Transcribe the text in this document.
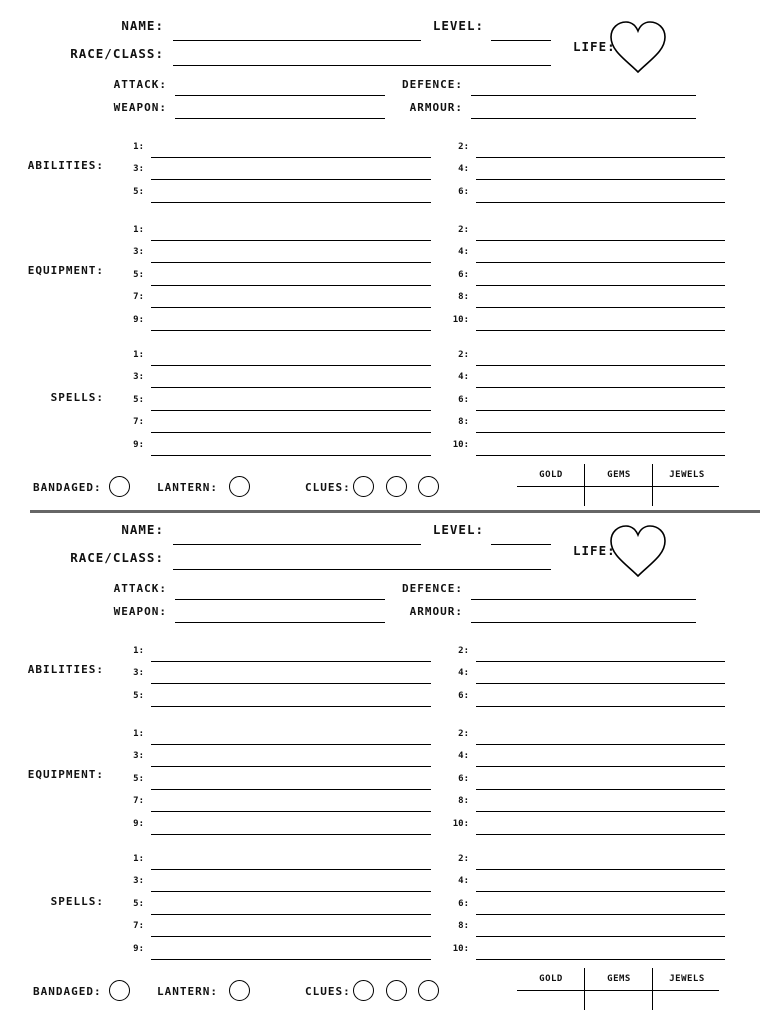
NAME:	LEVEL:
RACE/CLASS:	LIFE:
ATTACK:	DEFENCE:
WEAPON:	ARMOUR:
ABILITIES:
1:	2:
3:	4:
5:	6:
EQUIPMENT:
1:	2:
3:	4:
5:	6:
7:	8:
9:	10:
SPELLS:
1:	2:
3:	4:
5:	6:
7:	8:
9:	10:
BANDAGED:	LANTERN:	CLUES:
GOLD	GEMS	JEWELS
NAME:	LEVEL:
RACE/CLASS:	LIFE:
ATTACK:	DEFENCE:
WEAPON:	ARMOUR:
ABILITIES:
1:	2:
3:	4:
5:	6:
EQUIPMENT:
1:	2:
3:	4:
5:	6:
7:	8:
9:	10:
SPELLS:
1:	2:
3:	4:
5:	6:
7:	8:
9:	10:
BANDAGED:	LANTERN:	CLUES:
GOLD	GEMS	JEWELS
